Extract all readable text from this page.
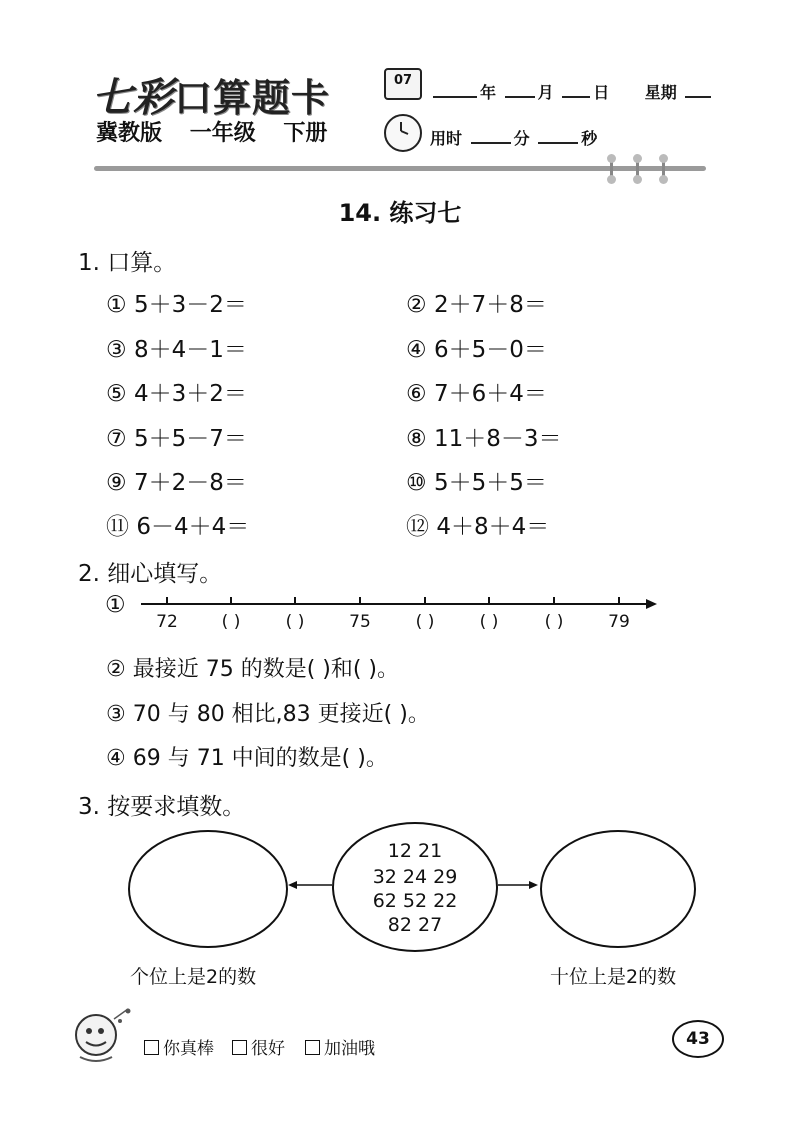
七彩口算题卡
冀教版 一年级 下册
07
年	月 日 星期
用时	分	秒
14. 练习七
1. 口算。
① 5＋3－2＝	② 2＋7＋8＝
③ 8＋4－1＝	④ 6＋5－0＝
⑤ 4＋3＋2＝	⑥ 7＋6＋4＝
⑦ 5＋5－7＝	⑧ 11＋8－3＝
⑨ 7＋2－8＝	⑩ 5＋5＋5＝
⑪ 6－4＋4＝	⑫ 4＋8＋4＝
2. 细心填写。
①
72	( )	( )	75	( )	( )	( )	79
② 最接近 75 的数是( )和( )。
③ 70 与 80 相比,83 更接近( )。
④ 69 与 71 中间的数是( )。
3. 按要求填数。
12 21
32 24 29
62 52 22
82 27
个位上是2的数	十位上是2的数
你真棒	很好	加油哦	43
